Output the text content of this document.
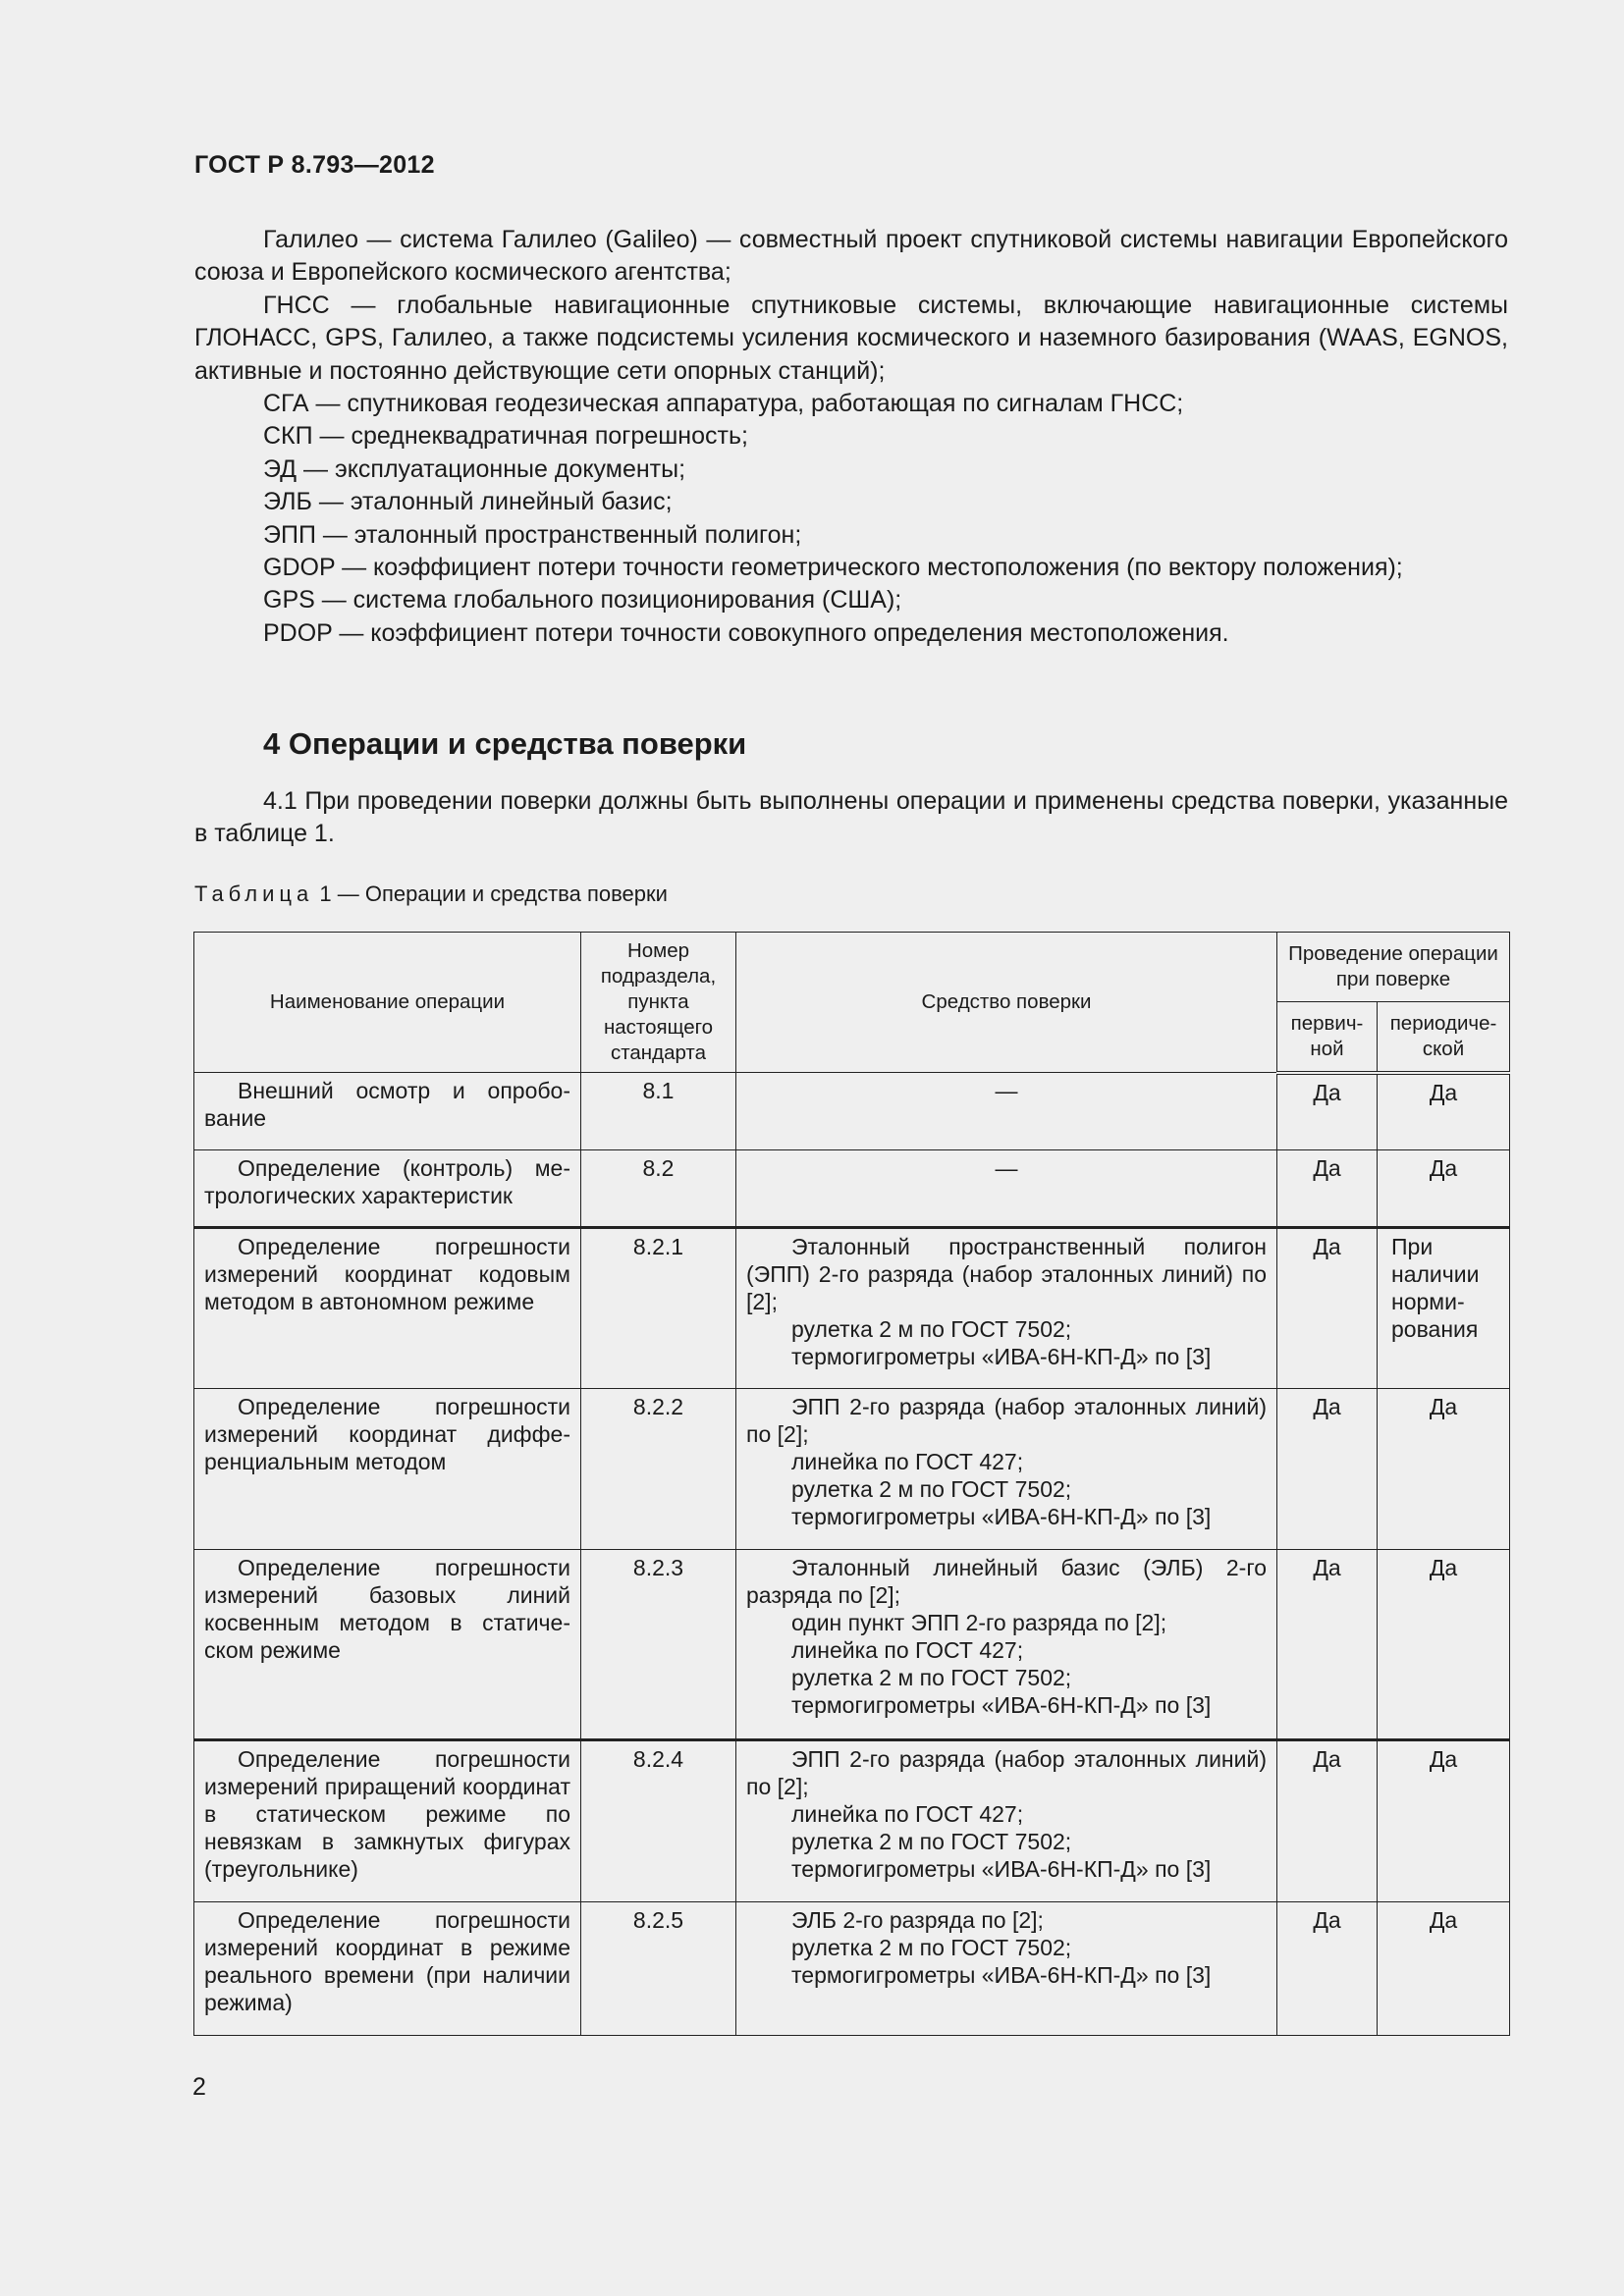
ГОСТ Р 8.793—2012

Галилео — система Галилео (Galileo) — совместный проект спутниковой системы навигации Европейского союза и Европейского космического агентства;

ГНСС — глобальные навигационные спутниковые системы, включающие навигационные системы ГЛОНАСС, GPS, Галилео, а также подсистемы усиления космического и наземного базирования (WAAS, EGNOS, активные и постоянно действующие сети опорных станций);

СГА — спутниковая геодезическая аппаратура, работающая по сигналам ГНСС;

СКП — среднеквадратичная погрешность;

ЭД — эксплуатационные документы;

ЭЛБ — эталонный линейный базис;

ЭПП — эталонный пространственный полигон;

GDOP — коэффициент потери точности геометрического местоположения (по вектору положения);

GPS — система глобального позиционирования (США);

PDOP — коэффициент потери точности совокупного определения местоположения.

4 Операции и средства поверки

4.1 При проведении поверки должны быть выполнены операции и применены средства поверки, указанные в таблице 1.

Таблица 1 — Операции и средства поверки
Наименование операции	Номер подраздела, пункта настоящего стандарта	Средство поверки	Проведение операции при поверке	
			первичной	периодической

Внешний осмотр и опробование	8.1	—	Да	Да

Определение (контроль) метрологических характеристик	8.2	—	Да	Да

Определение погрешности измерений координат кодовым методом в автономном режиме	8.2.1	Эталонный пространственный полигон (ЭПП) 2-го разряда (набор эталонных линий) по [2];

рулетка 2 м по ГОСТ 7502;

термогигрометры «ИВА-6Н-КП-Д» по [3]	Да	При наличии нормирования

Определение погрешности измерений координат дифференциальным методом	8.2.2	ЭПП 2-го разряда (набор эталонных линий) по [2];

линейка по ГОСТ 427;

рулетка 2 м по ГОСТ 7502;

термогигрометры «ИВА-6Н-КП-Д» по [3]	Да	Да

Определение погрешности измерений базовых линий косвенным методом в статическом режиме	8.2.3	Эталонный линейный базис (ЭЛБ) 2-го разряда по [2];

один пункт ЭПП 2-го разряда по [2];

линейка по ГОСТ 427;

рулетка 2 м по ГОСТ 7502;

термогигрометры «ИВА-6Н-КП-Д» по [3]	Да	Да

Определение погрешности измерений приращений координат в статическом режиме по невязкам в замкнутых фигурах (треугольнике)	8.2.4	ЭПП 2-го разряда (набор эталонных линий) по [2];

линейка по ГОСТ 427;

рулетка 2 м по ГОСТ 7502;

термогигрометры «ИВА-6Н-КП-Д» по [3]	Да	Да

Определение погрешности измерений координат в режиме реального времени (при наличии режима)	8.2.5	ЭЛБ 2-го разряда по [2];

рулетка 2 м по ГОСТ 7502;

термогигрометры «ИВА-6Н-КП-Д» по [3]	Да	Да
2
